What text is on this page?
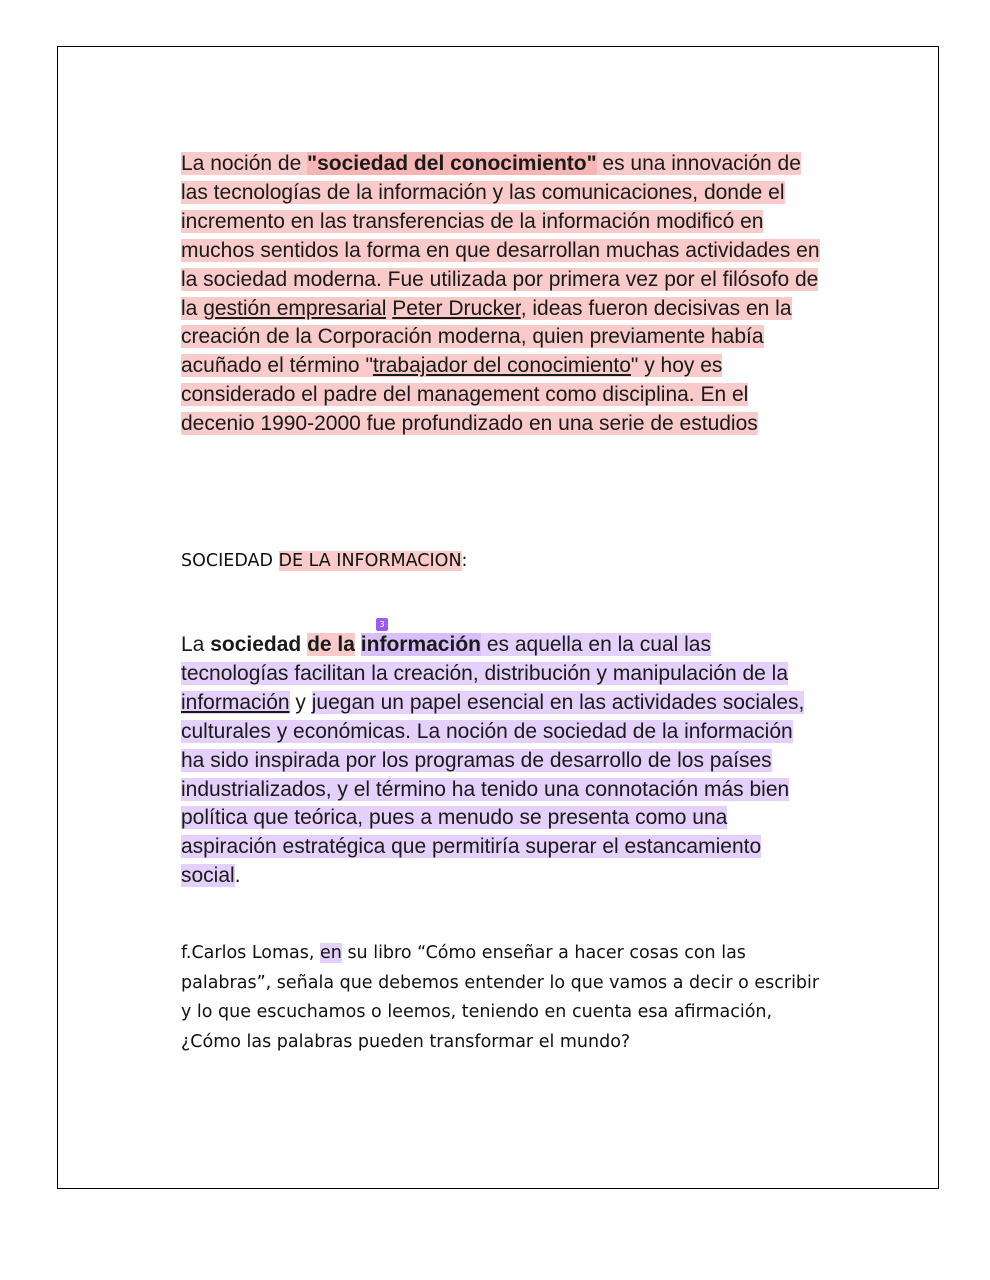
La noción de "sociedad del conocimiento" es una innovación de las tecnologías de la información y las comunicaciones, donde el incremento en las transferencias de la información modificó en muchos sentidos la forma en que desarrollan muchas actividades en la sociedad moderna. Fue utilizada por primera vez por el filósofo de la gestión empresarial Peter Drucker, ideas fueron decisivas en la creación de la Corporación moderna, quien previamente había acuñado el término "trabajador del conocimiento" y hoy es considerado el padre del management como disciplina. En el decenio 1990-2000 fue profundizado en una serie de estudios
SOCIEDAD DE LA INFORMACION:
3
La sociedad de la información es aquella en la cual las tecnologías facilitan la creación, distribución y manipulación de la información y juegan un papel esencial en las actividades sociales, culturales y económicas. La noción de sociedad de la información ha sido inspirada por los programas de desarrollo de los países industrializados, y el término ha tenido una connotación más bien política que teórica, pues a menudo se presenta como una aspiración estratégica que permitiría superar el estancamiento social.
f.Carlos Lomas, en su libro “Cómo enseñar a hacer cosas con las palabras”, señala que debemos entender lo que vamos a decir o escribir y lo que escuchamos o leemos, teniendo en cuenta esa afirmación, ¿Cómo las palabras pueden transformar el mundo?
